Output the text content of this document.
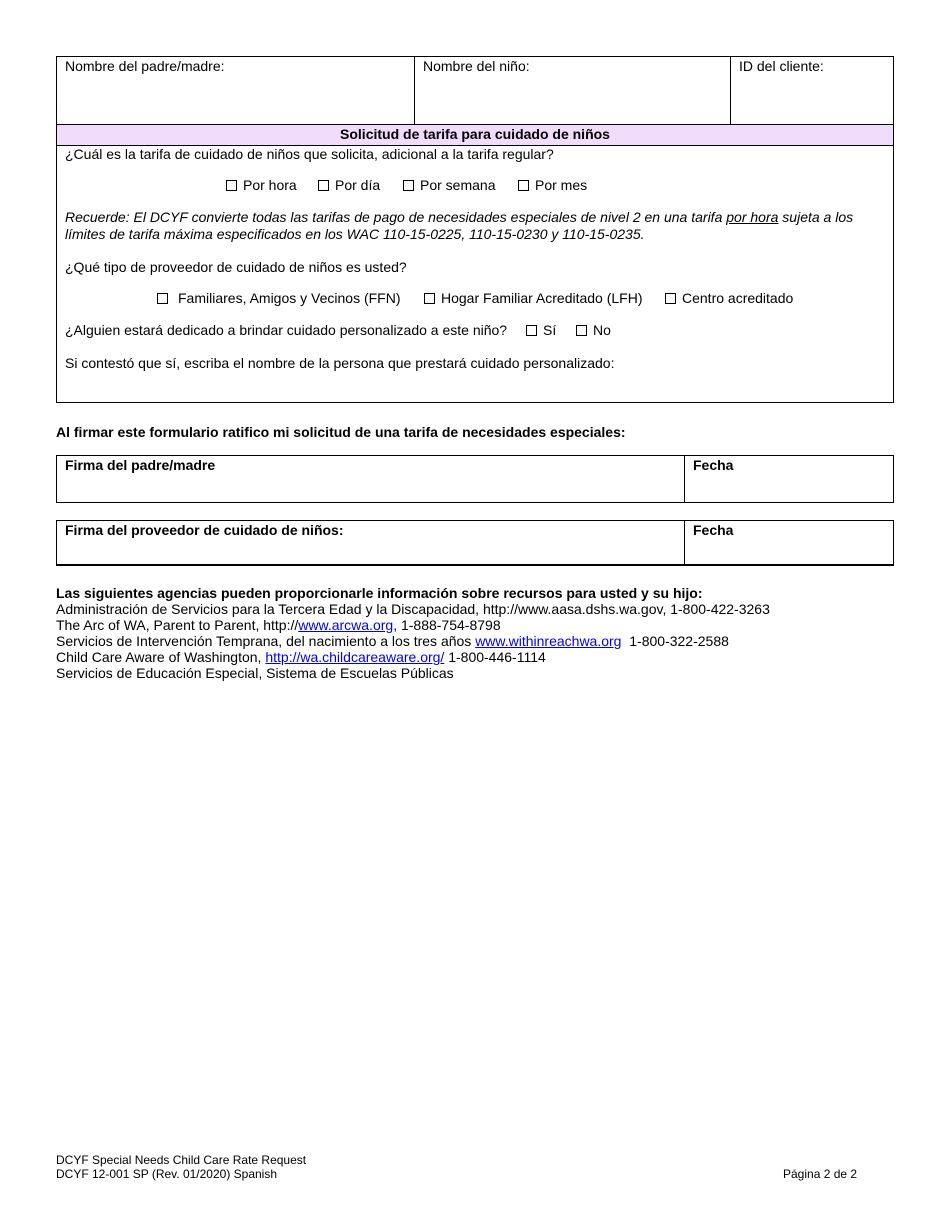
Nombre del padre/madre:	Nombre del niño:	ID del cliente:
Solicitud de tarifa para cuidado de niños
¿Cuál es la tarifa de cuidado de niños que solicita, adicional a la tarifa regular?
Por hora	Por día	Por semana	Por mes
Recuerde: El DCYF convierte todas las tarifas de pago de necesidades especiales de nivel 2 en una tarifa por hora sujeta a los límites de tarifa máxima especificados en los WAC 110-15-0225, 110-15-0230 y 110-15-0235.
¿Qué tipo de proveedor de cuidado de niños es usted?
Familiares, Amigos y Vecinos (FFN)	Hogar Familiar Acreditado (LFH)	Centro acreditado
¿Alguien estará dedicado a brindar cuidado personalizado a este niño?	Sí	No
Si contestó que sí, escriba el nombre de la persona que prestará cuidado personalizado:
Al firmar este formulario ratifico mi solicitud de una tarifa de necesidades especiales:
Firma del padre/madre	Fecha
Firma del proveedor de cuidado de niños:	Fecha
Las siguientes agencias pueden proporcionarle información sobre recursos para usted y su hijo:
Administración de Servicios para la Tercera Edad y la Discapacidad, http://www.aasa.dshs.wa.gov, 1-800-422-3263
The Arc of WA, Parent to Parent, http://www.arcwa.org, 1-888-754-8798
Servicios de Intervención Temprana, del nacimiento a los tres años www.withinreachwa.org  1-800-322-2588
Child Care Aware of Washington, http://wa.childcareaware.org/ 1-800-446-1114
Servicios de Educación Especial, Sistema de Escuelas Públicas
DCYF Special Needs Child Care Rate Request
DCYF 12-001 SP (Rev. 01/2020) Spanish	Página 2 de 2
